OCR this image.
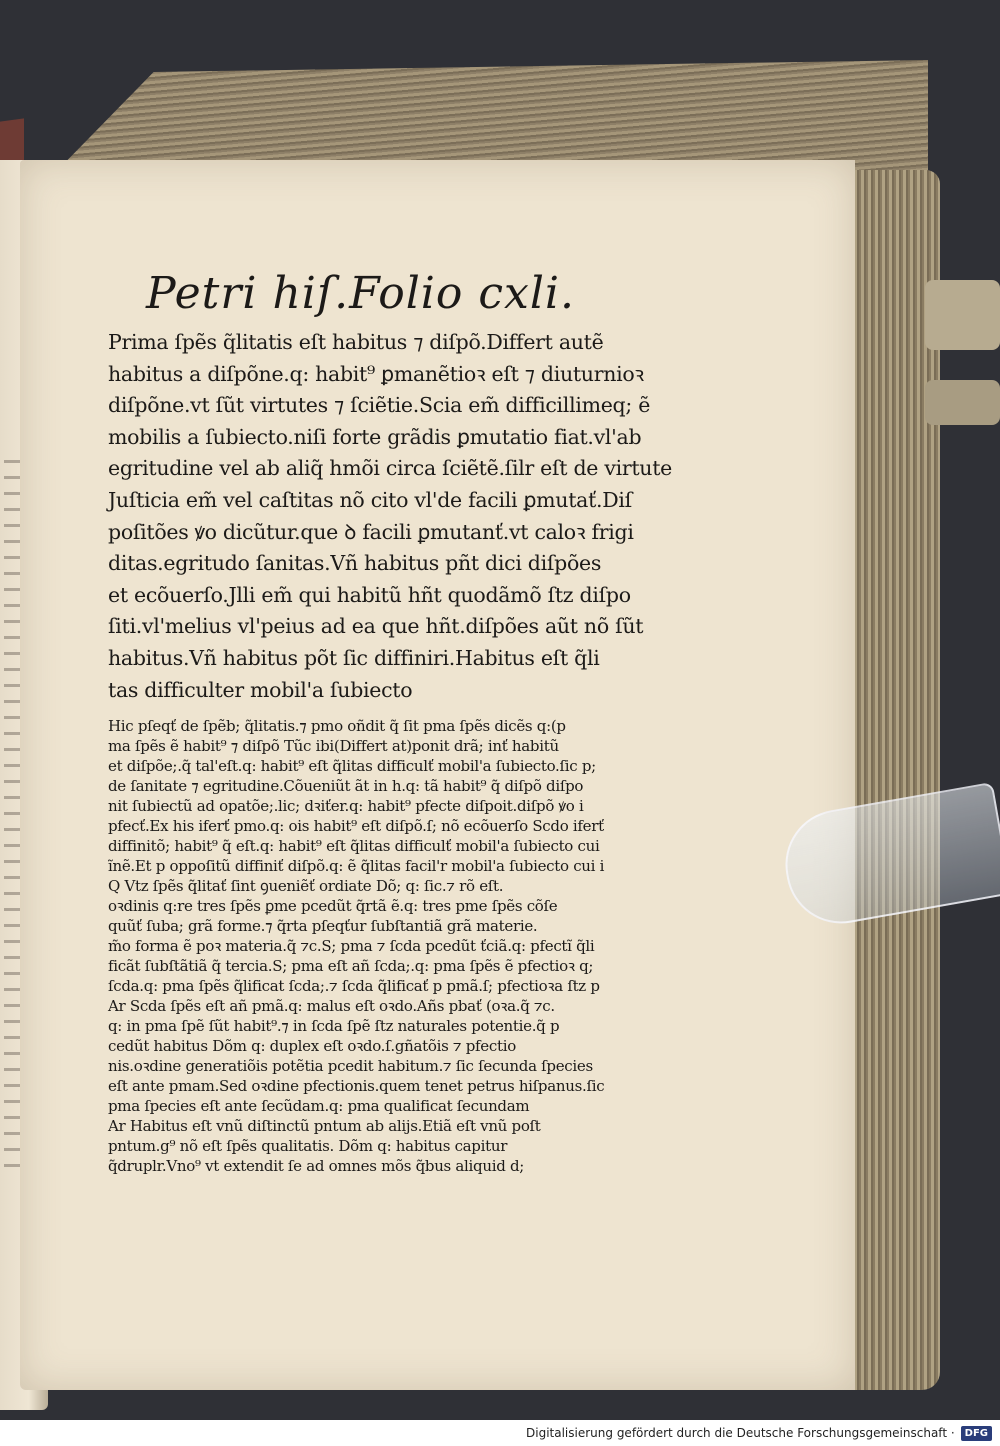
Petri hiſ.Folio cxli.

Prima ſpẽs q̃litatis eſt habitus ⁊ diſpõ.Differt autẽ

habitus a diſpõne.q: habit⁹ ꝑmanẽtioꝛ eſt ⁊ diuturnioꝛ

diſpõne.vt ſũt virtutes ⁊ ſciẽtie.Scia em̃ difficillimeq; ẽ

mobilis a ſubiecto.niſi forte grãdis ꝑmutatio fiat.vl'ab

egritudine vel ab aliq̃ hmõi circa ſciẽtẽ.ſilr eſt de virtute

Juſticia em̃ vel caſtitas nõ cito vl'de facili ꝑmutať.Diſ

poſitões ꝟo dicũtur.que ꝺ facili ꝑmutanť.vt caloꝛ frigi

ditas.egritudo ſanitas.Vñ habitus pñt dici diſpões

et ecõuerſo.Jlli em̃ qui habitũ hñt quodãmõ ſtz diſpo

ſiti.vl'melius vl'peius ad ea que hñt.diſpões aũt nõ ſũt

habitus.Vñ habitus põt ſic diffiniri.Habitus eſt q̃li

tas difficulter mobil'a ſubiecto

Hic pſeqť de ſpẽb; q̃litatis.⁊ pmo oñdit q̃ ſit pma ſpẽs dicẽs q:(p

ma ſpẽs ẽ habit⁹ ⁊ diſpõ Tũc ibi(Differt at)ponit drã; inť habitũ

et diſpõe;.q̃ tal'eſt.q: habit⁹ eſt q̃litas difficulť mobil'a ſubiecto.ſic p;

de ſanitate ⁊ egritudine.Cõueniũt ãt in h.q: tã habit⁹ q̃ diſpõ diſpo

nit ſubiectũ ad opatõe;.lic; dꝛiťer.q: habit⁹ pfecte diſpoit.diſpõ ꝟo i

pfecť.Ex his iferť pmo.q: ois habit⁹ eſt diſpõ.ſ; nõ ecõuerſo Scdo iferť

diffinitõ; habit⁹ q̃ eſt.q: habit⁹ eſt q̃litas difficulť mobil'a ſubiecto cui

ĩnẽ.Et p oppoſitũ diffiniť diſpõ.q: ẽ q̃litas facil'r mobil'a ſubiecto cui i

Q Vtz ſpẽs q̃litať ſint ꝯueniẽť ordiate Dõ; q: ſic.⁊ rõ eſt.

oꝛdinis q:re tres ſpẽs ꝑme pcedũt q̃rtã ẽ.q: tres pme ſpẽs cõſe

quũť ſuba; grã forme.⁊ q̃rta pſeqťur ſubſtantiã grã materie.

m̃o forma ẽ poꝛ materia.q̃ ⁊c.S; pma ⁊ ſcda pcedũt ťciã.q: pfectĩ q̃li

ficãt ſubſtãtiã q̃ tercia.S; pma eſt añ ſcda;.q: pma ſpẽs ẽ pfectioꝛ q;

ſcda.q: pma ſpẽs q̃lificat ſcda;.⁊ ſcda q̃lificať p pmã.ſ; pfectioꝛa ſtz p

Ar Scda ſpẽs eſt añ pmã.q: malus eſt oꝛdo.Añs pbať (oꝛa.q̃ ⁊c.

q: in pma ſpẽ ſũt habit⁹.⁊ in ſcda ſpẽ ſtz naturales potentie.q̃ p

cedũt habitus Dõm q: duplex eſt oꝛdo.ſ.gñatõis ⁊ pfectio

nis.oꝛdine generatiõis potẽtia pcedit habitum.⁊ ſic ſecunda ſpecies

eſt ante pmam.Sed oꝛdine pfectionis.quem tenet petrus hiſpanus.ſic

pma ſpecies eſt ante ſecũdam.q: pma qualificat ſecundam

Ar Habitus eſt vnũ diſtinctũ pntum ab alijs.Etiã eſt vnũ poſt

pntum.g⁹ nõ eſt ſpẽs qualitatis. Dõm q: habitus capitur

q̃druplr.Vno⁹ vt extendit ſe ad omnes mõs q̃bus aliquid d;

Digitalisierung gefördert durch die Deutsche Forschungsgemeinschaft ·	DFG
